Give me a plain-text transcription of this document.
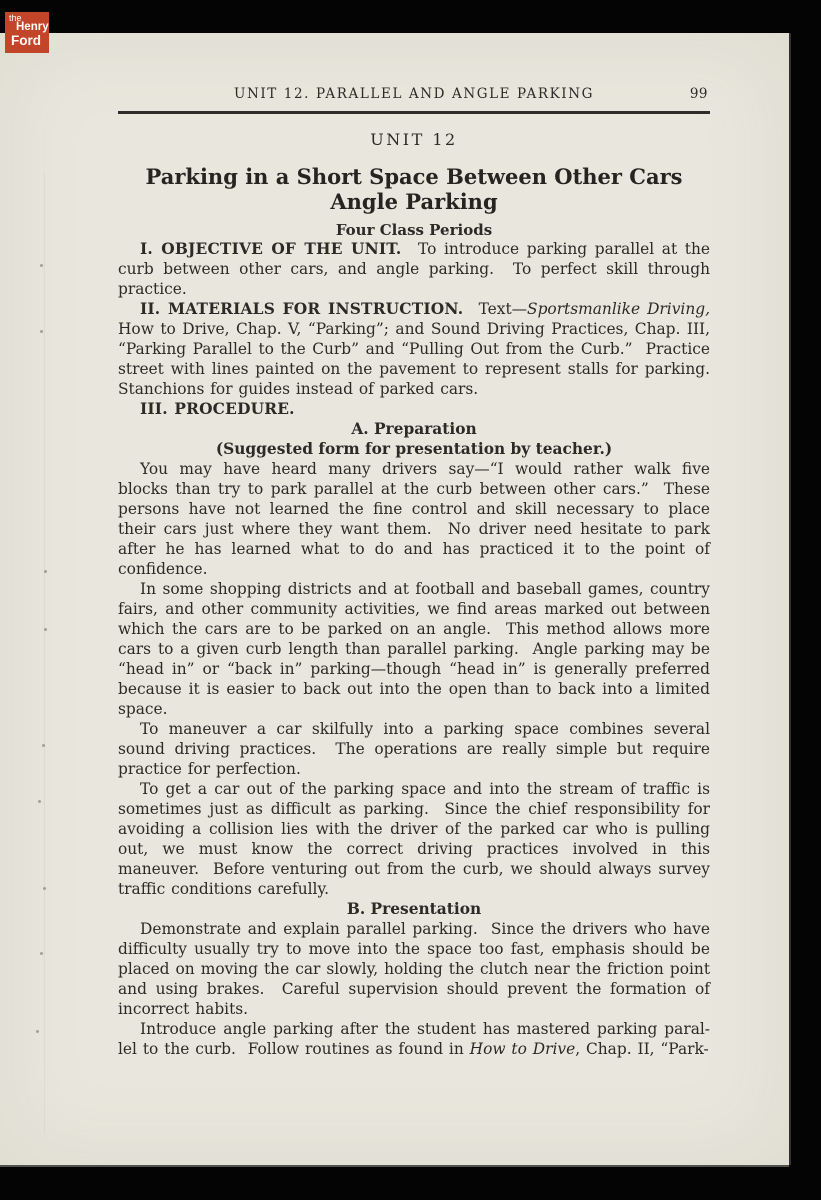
the
Henry
Ford
UNIT 12. PARALLEL AND ANGLE PARKING	99
UNIT 12
Parking in a Short Space Between Other Cars
Angle Parking
Four Class Periods

I. OBJECTIVE OF THE UNIT.  To introduce parking parallel at the curb between other cars, and angle parking.  To perfect skill through practice.

II. MATERIALS FOR INSTRUCTION.  Text—Sportsmanlike Driving, How to Drive, Chap. V, “Parking”; and Sound Driving Practices, Chap. III, “Parking Parallel to the Curb” and “Pulling Out from the Curb.”  Practice street with lines painted on the pavement to represent stalls for parking.  Stanchions for guides instead of parked cars.

III. PROCEDURE.

A. Preparation

(Suggested form for presentation by teacher.)

You may have heard many drivers say—“I would rather walk five blocks than try to park parallel at the curb between other cars.”  These persons have not learned the fine control and skill necessary to place their cars just where they want them.  No driver need hesitate to park after he has learned what to do and has practiced it to the point of confidence.

In some shopping districts and at football and baseball games, country fairs, and other community activities, we find areas marked out between which the cars are to be parked on an angle.  This method allows more cars to a given curb length than parallel parking.  Angle parking may be “head in” or “back in” parking—though “head in” is generally preferred because it is easier to back out into the open than to back into a limited space.

To maneuver a car skilfully into a parking space combines several sound driving practices.  The operations are really simple but require practice for perfection.

To get a car out of the parking space and into the stream of traffic is sometimes just as difficult as parking.  Since the chief responsibility for avoiding a collision lies with the driver of the parked car who is pulling out, we must know the correct driving practices involved in this maneuver.  Before venturing out from the curb, we should always survey traffic conditions carefully.

B. Presentation

Demonstrate and explain parallel parking.  Since the drivers who have difficulty usually try to move into the space too fast, emphasis should be placed on moving the car slowly, holding the clutch near the friction point and using brakes.  Careful supervision should prevent the formation of incorrect habits.

Introduce angle parking after the student has mastered parking parallel to the curb.  Follow routines as found in How to Drive, Chap. II, “Park-
